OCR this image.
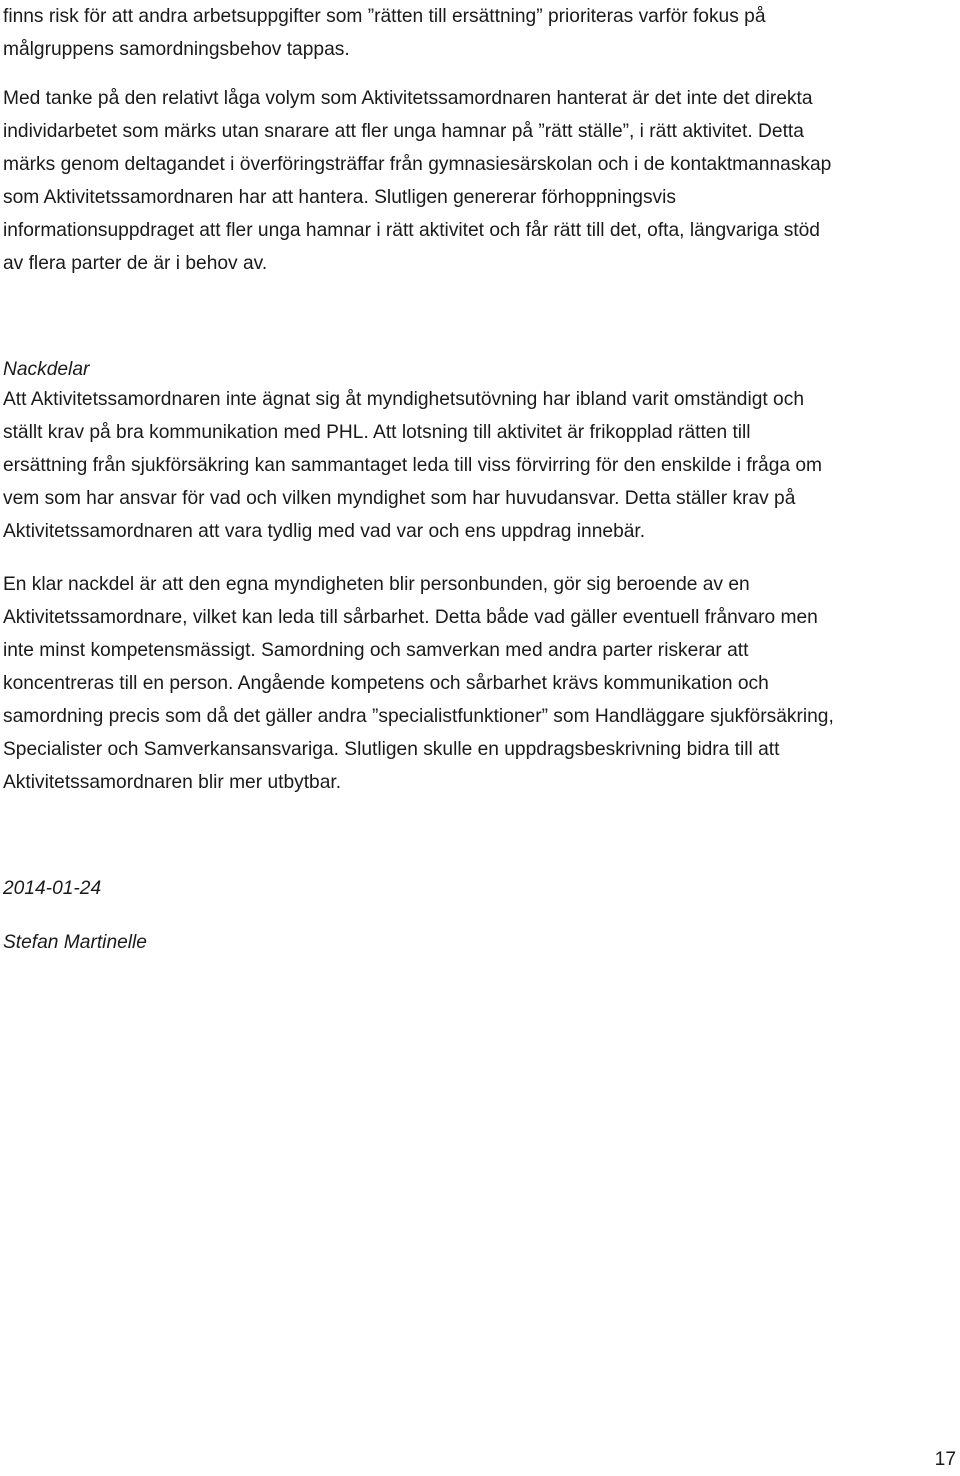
finns risk för att andra arbetsuppgifter som ”rätten till ersättning” prioriteras varför fokus på
målgruppens samordningsbehov tappas.

Med tanke på den relativt låga volym som Aktivitetssamordnaren hanterat är det inte det direkta
individarbetet som märks utan snarare att fler unga hamnar på ”rätt ställe”, i rätt aktivitet. Detta
märks genom deltagandet i överföringsträffar från gymnasiesärskolan och i de kontaktmannaskap
som Aktivitetssamordnaren har att hantera. Slutligen genererar förhoppningsvis
informationsuppdraget att fler unga hamnar i rätt aktivitet och får rätt till det, ofta, längvariga stöd
av flera parter de är i behov av.

Nackdelar

Att Aktivitetssamordnaren inte ägnat sig åt myndighetsutövning har ibland varit omständigt och
ställt krav på bra kommunikation med PHL. Att lotsning till aktivitet är frikopplad rätten till
ersättning från sjukförsäkring kan sammantaget leda till viss förvirring för den enskilde i fråga om
vem som har ansvar för vad och vilken myndighet som har huvudansvar. Detta ställer krav på
Aktivitetssamordnaren att vara tydlig med vad var och ens uppdrag innebär.

En klar nackdel är att den egna myndigheten blir personbunden, gör sig beroende av en
Aktivitetssamordnare, vilket kan leda till sårbarhet. Detta både vad gäller eventuell frånvaro men
inte minst kompetensmässigt. Samordning och samverkan med andra parter riskerar att
koncentreras till en person. Angående kompetens och sårbarhet krävs kommunikation och
samordning precis som då det gäller andra ”specialistfunktioner” som Handläggare sjukförsäkring,
Specialister och Samverkansansvariga. Slutligen skulle en uppdragsbeskrivning bidra till att
Aktivitetssamordnaren blir mer utbytbar.

2014-01-24

Stefan Martinelle

17
